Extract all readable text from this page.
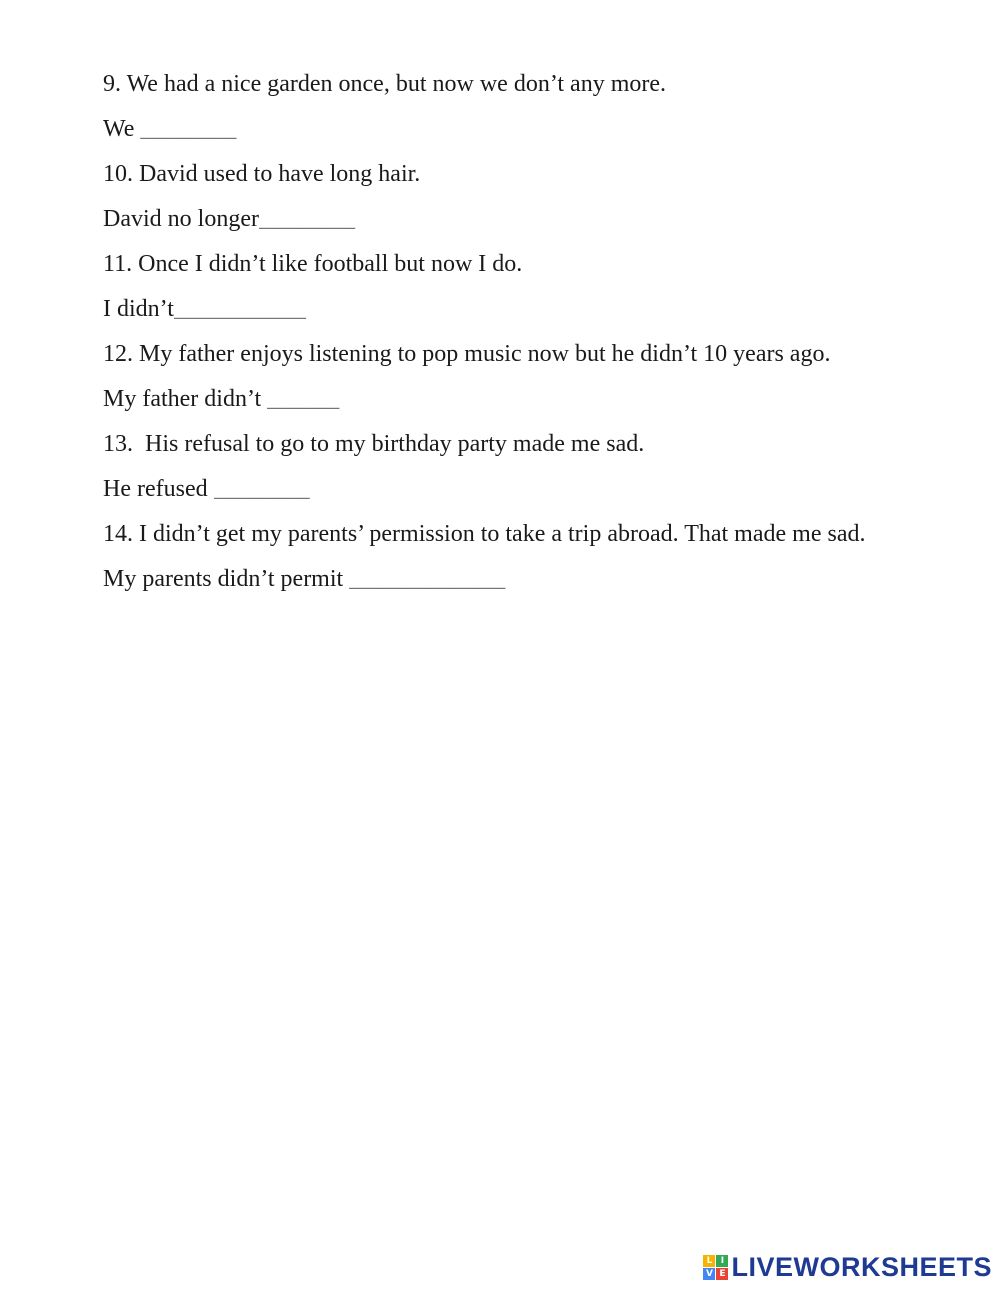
9. We had a nice garden once, but now we don’t any more.
We ________
10. David used to have long hair.
David no longer________
11. Once I didn’t like football but now I do.
I didn’t___________
12. My father enjoys listening to pop music now but he didn’t 10 years ago.
My father didn’t ______
13.  His refusal to go to my birthday party made me sad.
He refused ________
14. I didn’t get my parents’ permission to take a trip abroad. That made me sad.
My parents didn’t permit _____________
L I
V E LIVEWORKSHEETS
